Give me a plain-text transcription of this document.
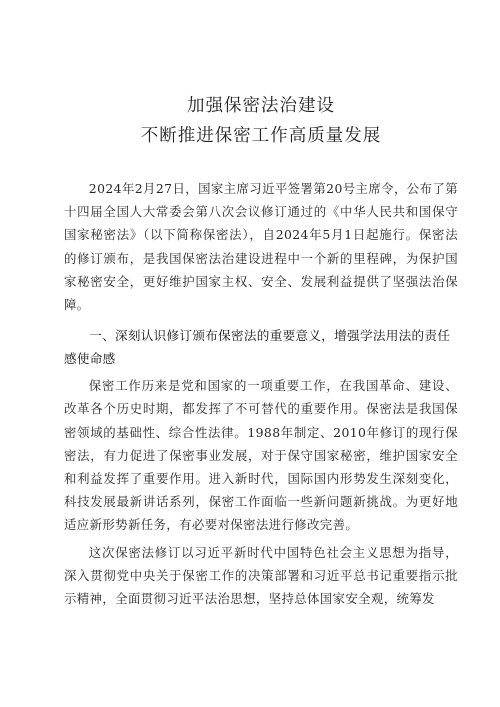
加强保密法治建设
不断推进保密工作高质量发展

2024年2月27日，国家主席习近平签署第20号主席令，公布了第十四届全国人大常委会第八次会议修订通过的《中华人民共和国保守国家秘密法》（以下简称保密法），自2024年5月1日起施行。保密法的修订颁布，是我国保密法治建设进程中一个新的里程碑，为保护国家秘密安全，更好维护国家主权、安全、发展利益提供了坚强法治保障。

一、深刻认识修订颁布保密法的重要意义，增强学法用法的责任感使命感

保密工作历来是党和国家的一项重要工作，在我国革命、建设、改革各个历史时期，都发挥了不可替代的重要作用。保密法是我国保密领域的基础性、综合性法律。1988年制定、2010年修订的现行保密法，有力促进了保密事业发展，对于保守国家秘密，维护国家安全和利益发挥了重要作用。进入新时代，国际国内形势发生深刻变化，科技发展最新讲话系列，保密工作面临一些新问题新挑战。为更好地适应新形势新任务，有必要对保密法进行修改完善。

这次保密法修订以习近平新时代中国特色社会主义思想为指导，深入贯彻党中央关于保密工作的决策部署和习近平总书记重要指示批示精神，全面贯彻习近平法治思想，坚持总体国家安全观，统筹发
